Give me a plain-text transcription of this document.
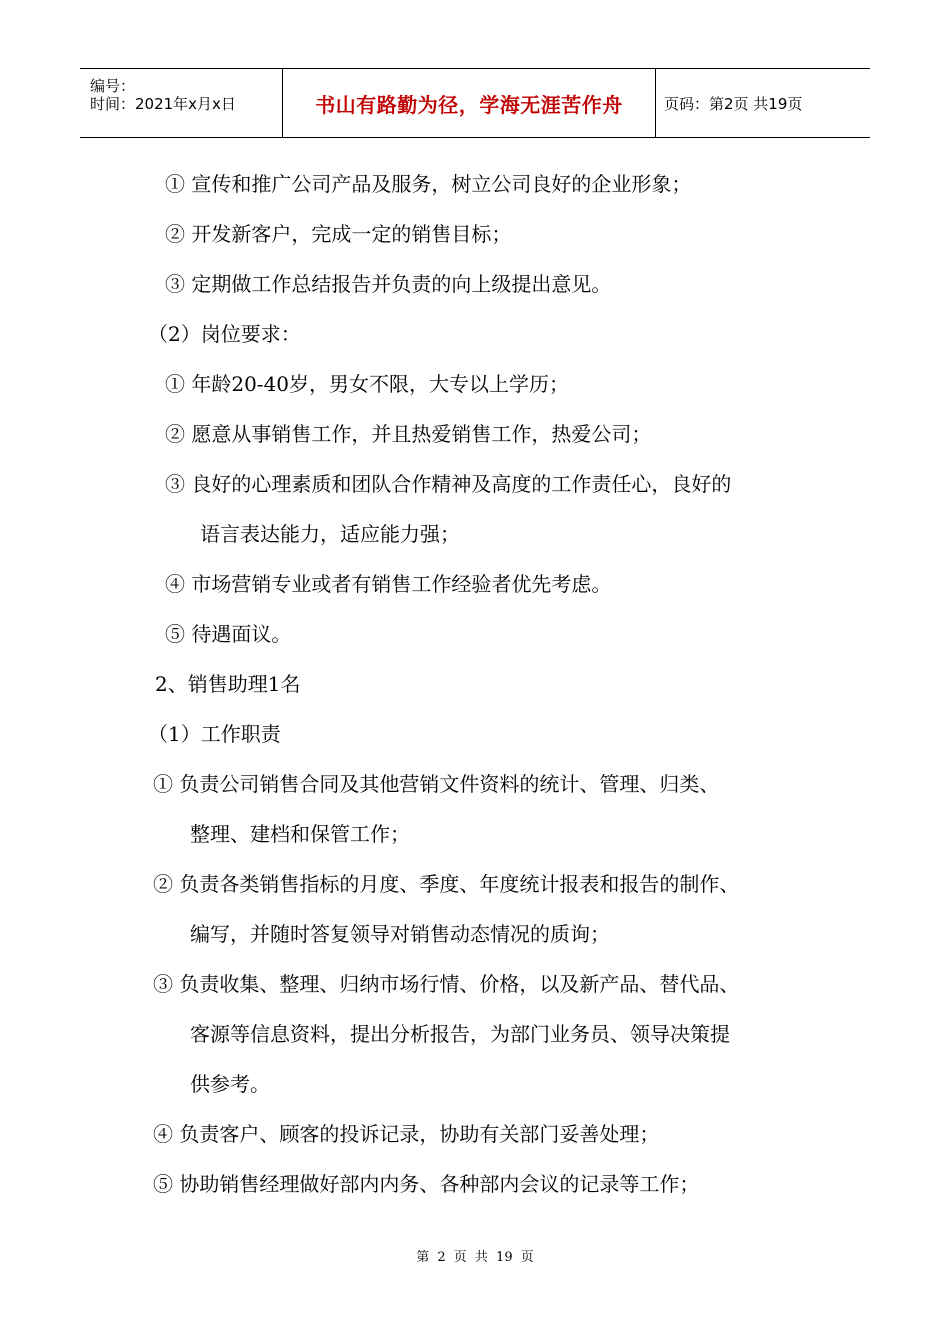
编号：
时间：2021年x月x日	书山有路勤为径，学海无涯苦作舟	页码：第2页 共19页
① 宣传和推广公司产品及服务，树立公司良好的企业形象；
② 开发新客户，完成一定的销售目标；
③ 定期做工作总结报告并负责的向上级提出意见。
（2）岗位要求：
① 年龄20-40岁，男女不限，大专以上学历；
② 愿意从事销售工作，并且热爱销售工作，热爱公司；
③ 良好的心理素质和团队合作精神及高度的工作责任心，良好的
语言表达能力，适应能力强；
④ 市场营销专业或者有销售工作经验者优先考虑。
⑤ 待遇面议。
2、销售助理1名
（1）工作职责
① 负责公司销售合同及其他营销文件资料的统计、管理、归类、
整理、建档和保管工作；
② 负责各类销售指标的月度、季度、年度统计报表和报告的制作、
编写，并随时答复领导对销售动态情况的质询；
③ 负责收集、整理、归纳市场行情、价格，以及新产品、替代品、
客源等信息资料，提出分析报告，为部门业务员、领导决策提
供参考。
④ 负责客户、顾客的投诉记录，协助有关部门妥善处理；
⑤ 协助销售经理做好部内内务、各种部内会议的记录等工作；
第 2 页 共 19 页
